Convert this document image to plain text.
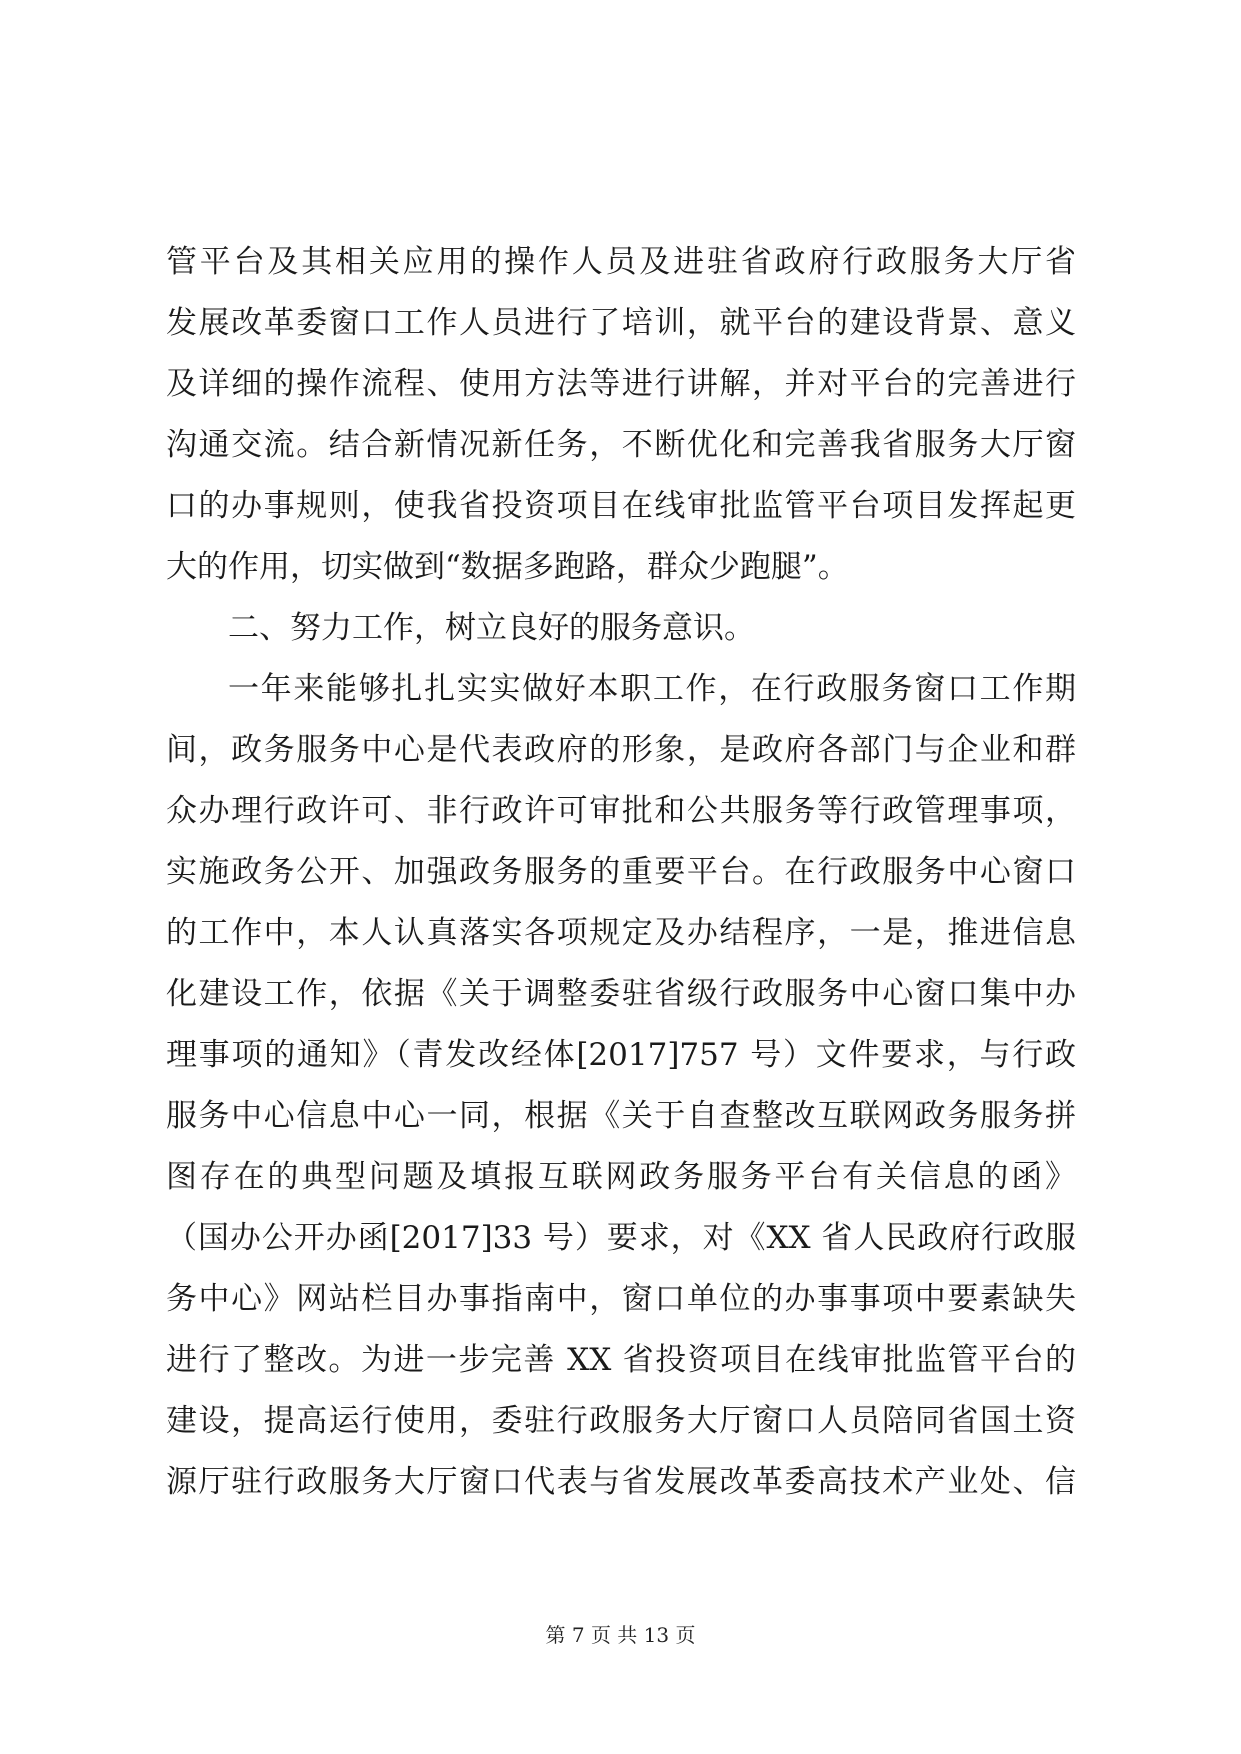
管平台及其相关应用的操作人员及进驻省政府行政服务大厅省
发展改革委窗口工作人员进行了培训，就平台的建设背景、意义
及详细的操作流程、使用方法等进行讲解，并对平台的完善进行
沟通交流。结合新情况新任务，不断优化和完善我省服务大厅窗
口的办事规则，使我省投资项目在线审批监管平台项目发挥起更
大的作用，切实做到“数据多跑路，群众少跑腿”。
二、努力工作，树立良好的服务意识。
一年来能够扎扎实实做好本职工作，在行政服务窗口工作期
间，政务服务中心是代表政府的形象，是政府各部门与企业和群
众办理行政许可、非行政许可审批和公共服务等行政管理事项，
实施政务公开、加强政务服务的重要平台。在行政服务中心窗口
的工作中，本人认真落实各项规定及办结程序，一是，推进信息
化建设工作，依据《关于调整委驻省级行政服务中心窗口集中办
理事项的通知》（青发改经体[2017]757 号）文件要求，与行政
服务中心信息中心一同，根据《关于自查整改互联网政务服务拼
图存在的典型问题及填报互联网政务服务平台有关信息的函》
（国办公开办函[2017]33 号）要求，对《XX 省人民政府行政服
务中心》网站栏目办事指南中，窗口单位的办事事项中要素缺失
进行了整改。为进一步完善 XX 省投资项目在线审批监管平台的
建设，提高运行使用，委驻行政服务大厅窗口人员陪同省国土资
源厅驻行政服务大厅窗口代表与省发展改革委高技术产业处、信
第 7 页 共 13 页
